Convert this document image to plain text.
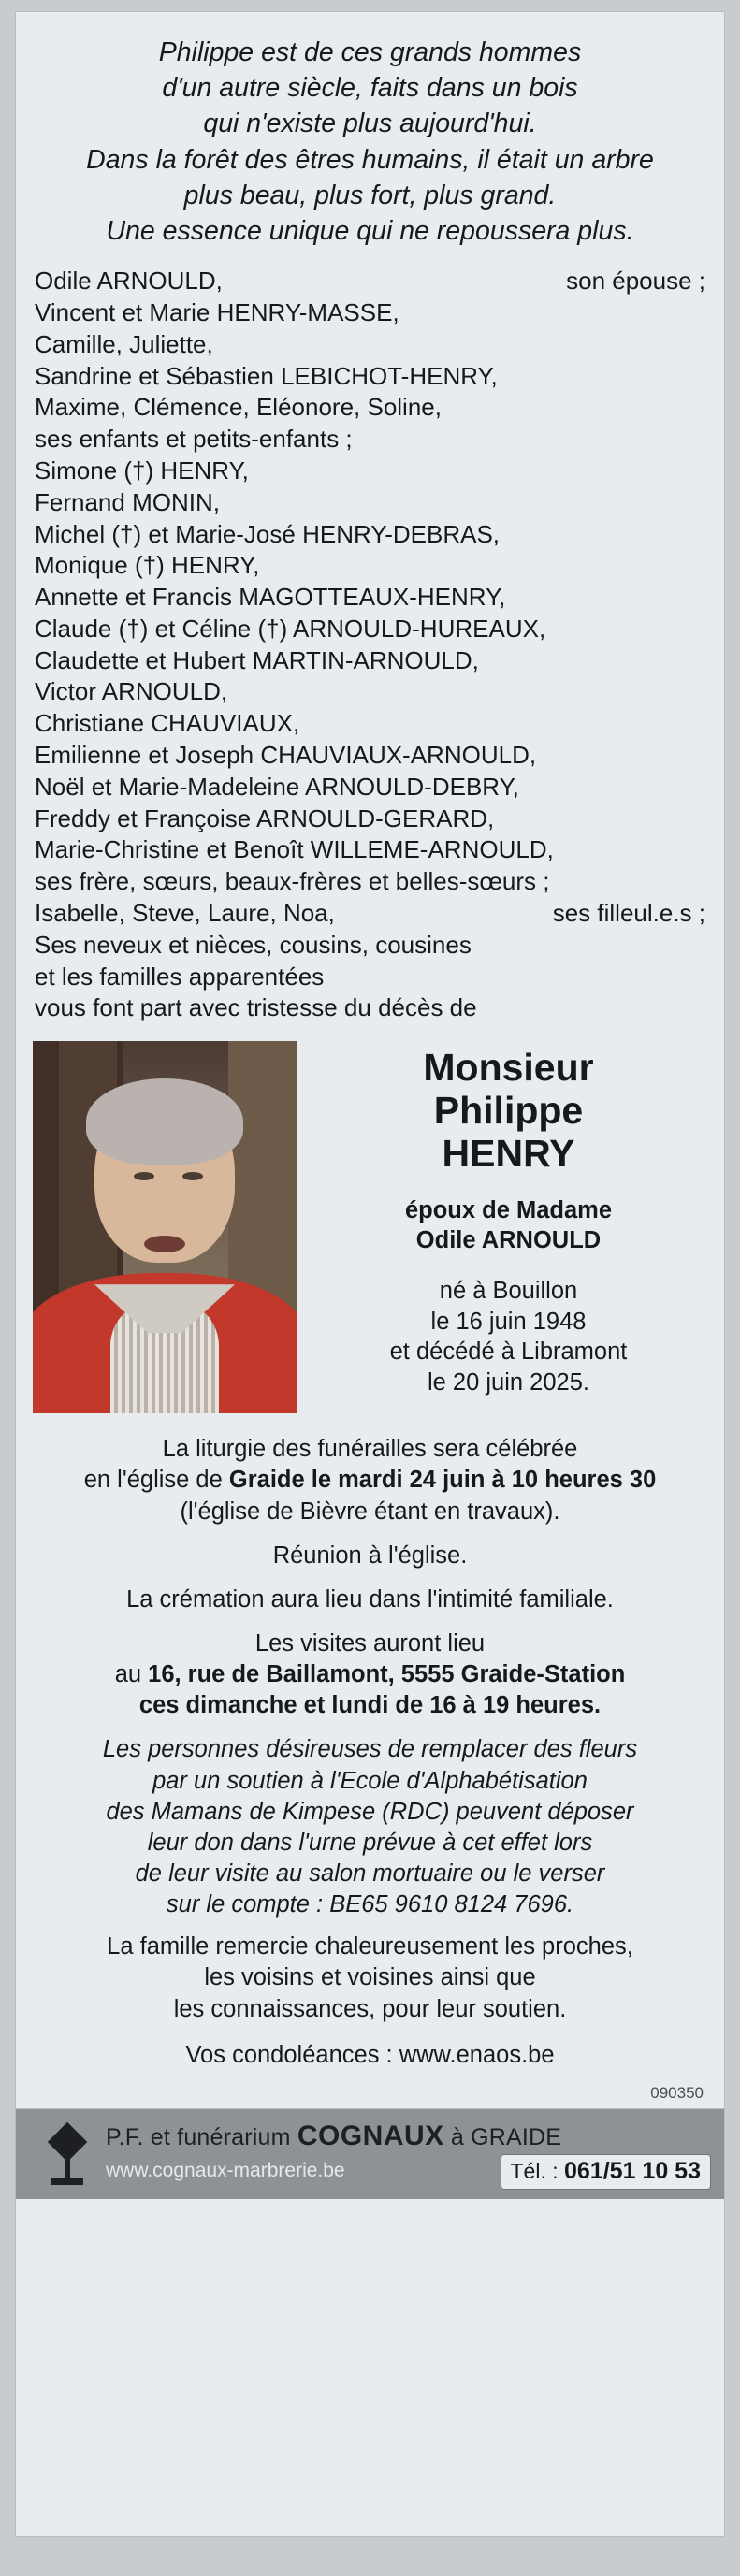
Philippe est de ces grands hommes
d'un autre siècle, faits dans un bois
qui n'existe plus aujourd'hui.
Dans la forêt des êtres humains, il était un arbre
plus beau, plus fort, plus grand.
Une essence unique qui ne repoussera plus.
Odile ARNOULD,	son épouse ;
Vincent et Marie HENRY-MASSE,
Camille, Juliette,
Sandrine et Sébastien LEBICHOT-HENRY,
Maxime, Clémence, Eléonore, Soline,
ses enfants et petits-enfants ;
Simone (†) HENRY,
Fernand MONIN,
Michel (†) et Marie-José HENRY-DEBRAS,
Monique (†) HENRY,
Annette et Francis MAGOTTEAUX-HENRY,
Claude (†) et Céline (†) ARNOULD-HUREAUX,
Claudette et Hubert MARTIN-ARNOULD,
Victor ARNOULD,
Christiane CHAUVIAUX,
Emilienne et Joseph CHAUVIAUX-ARNOULD,
Noël et Marie-Madeleine ARNOULD-DEBRY,
Freddy et Françoise ARNOULD-GERARD,
Marie-Christine et Benoît WILLEME-ARNOULD,
ses frère, sœurs, beaux-frères et belles-sœurs ;
Isabelle, Steve, Laure, Noa,	ses filleul.e.s ;
Ses neveux et nièces, cousins, cousines
et les familles apparentées
vous font part avec tristesse du décès de
Monsieur
Philippe
HENRY
époux de Madame
Odile ARNOULD
né à Bouillon
le 16 juin 1948
et décédé à Libramont
le 20 juin 2025.
La liturgie des funérailles sera célébrée
en l'église de Graide le mardi 24 juin à 10 heures 30
(l'église de Bièvre étant en travaux).
Réunion à l'église.
La crémation aura lieu dans l'intimité familiale.
Les visites auront lieu
au 16, rue de Baillamont, 5555 Graide-Station
ces dimanche et lundi de 16 à 19 heures.
Les personnes désireuses de remplacer des fleurs
par un soutien à l'Ecole d'Alphabétisation
des Mamans de Kimpese (RDC) peuvent déposer
leur don dans l'urne prévue à cet effet lors
de leur visite au salon mortuaire ou le verser
sur le compte : BE65 9610 8124 7696.
La famille remercie chaleureusement les proches,
les voisins et voisines ainsi que
les connaissances, pour leur soutien.
Vos condoléances : www.enaos.be
090350
P.F. et funérarium COGNAUX à GRAIDE
www.cognaux-marbrerie.be	Tél. : 061/51 10 53
